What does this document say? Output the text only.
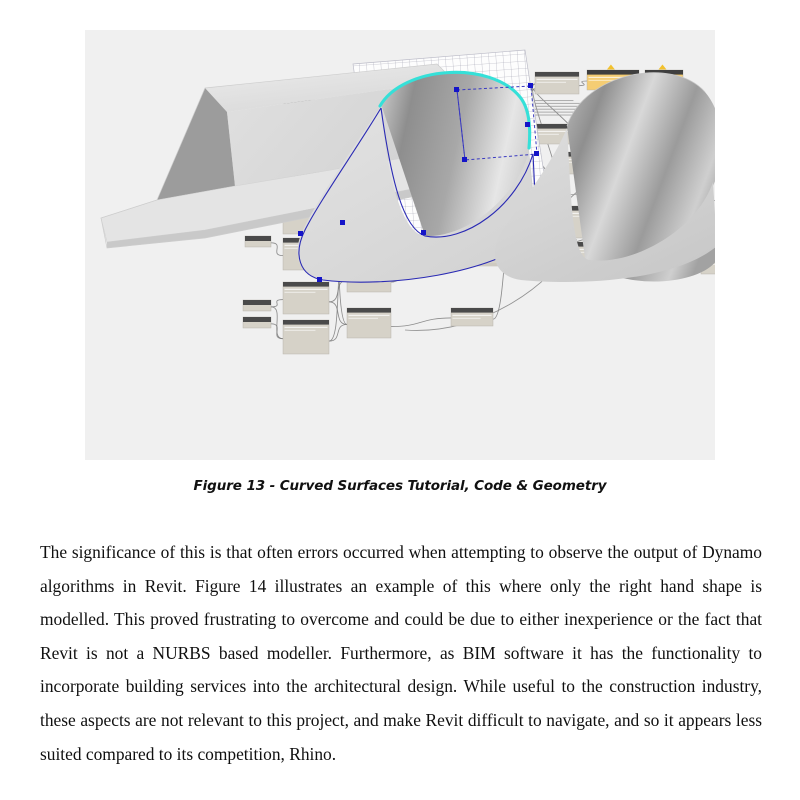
Figure 13 - Curved Surfaces Tutorial, Code & Geometry

The significance of this is that often errors occurred when attempting to observe the output of Dynamo algorithms in Revit. Figure 14 illustrates an example of this where only the right hand shape is modelled. This proved frustrating to overcome and could be due to either inexperience or the fact that Revit is not a NURBS based modeller. Furthermore, as BIM software it has the functionality to incorporate building services into the architectural design. While useful to the construction industry, these aspects are not relevant to this project, and make Revit difficult to navigate, and so it appears less suited compared to its competition, Rhino.
